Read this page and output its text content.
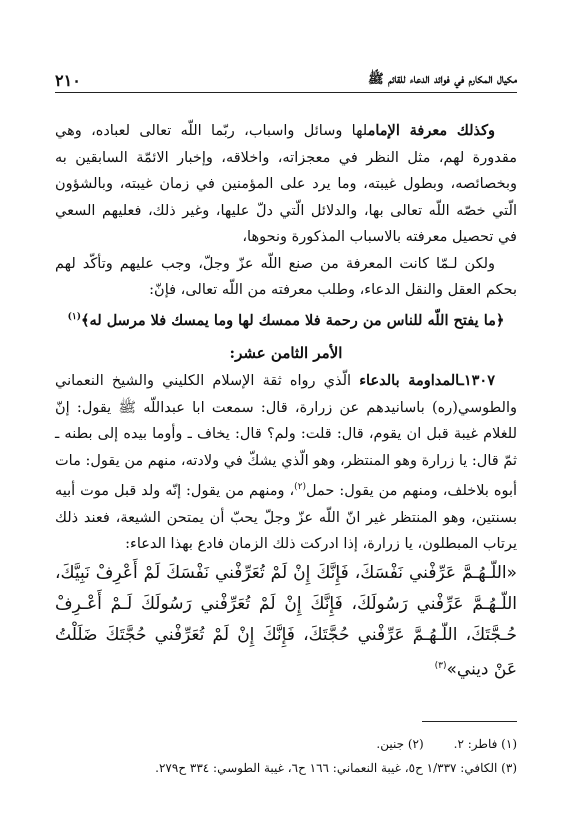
مكيال المكارم في فوائد الدعاء للقائم ﷺ
٢١٠

وكذلك معرفة الإماملها وسائل واسباب، ربّما اللّه تعالى لعباده، وهي مقدورة لهم، مثل النظر في معجزاته، واخلاقه، وإخبار الائمّة السابقين به وبخصائصه، وبطول غيبته، وما يرد على المؤمنين في زمان غيبته، وبالشؤون الّتي خصّه اللّه تعالى بها، والدلائل الّتي دلّ عليها، وغير ذلك، فعليهم السعي في تحصيل معرفته بالاسباب المذكورة ونحوها،

ولكن لـمّا كانت المعرفة من صنع اللّه عزّ وجلّ، وجب عليهم وتأكّد لهم بحكم العقل والنقل الدعاء، وطلب معرفته من اللّه تعالى، فإنّ:

﴿ما يفتح اللّه للناس من رحمة فلا ممسك لها وما يمسك فلا مرسل له﴾$^{(١)}$

الأمر الثامن عشر:

١٣٠٧ـالمداومة بالدعاء الّذي رواه ثقة الإسلام الكليني والشيخ النعماني والطوسي(ره) باسانيدهم عن زرارة، قال: سمعت ابا عبداللّه ﷺ يقول: إنّ للغلام غيبة قبل ان يقوم، قال: قلت: ولم؟ قال: يخاف ـ وأوما بيده إلى بطنه ـ ثمّ قال: يا زرارة وهو المنتظر، وهو الّذي يشكّ في ولادته، منهم من يقول: مات أبوه بلاخلف، ومنهم من يقول: حمل$^{(٢)}$، ومنهم من يقول: إنّه ولد قبل موت أبيه بسنتين، وهو المنتظر غير انّ اللّه عزّ وجلّ يحبّ أن يمتحن الشيعة، فعند ذلك يرتاب المبطلون، يا زرارة، إذا ادركت ذلك الزمان فادع بهذا الدعاء:

«اللّـهُـمَّ عَرِّفْني نَفْسَكَ، فَإِنَّكَ إِنْ لَمْ تُعَرِّفْني نَفْسَكَ لَمْ أَعْرِفْ نَبِيَّكَ، اللّـهُـمَّ عَرِّفْني رَسُولَكَ، فَإِنَّكَ إِنْ لَمْ تُعَرِّفْني رَسُولَكَ لَـمْ أَعْـرِفْ حُـجَّتَكَ، اللّـهُـمَّ عَرِّفْني حُجَّتَكَ، فَإِنَّكَ إِنْ لَمْ تُعَرِّفْني حُجَّتَكَ ضَلَلْتُ عَنْ ديني»$^{(٣)}$

(١) فاطر: ٢.
(٢) جنين.
(٣) الكافي: ١/٣٣٧ ح٥، غيبة النعماني: ١٦٦ ح٦، غيبة الطوسي: ٣٣٤ ح٢٧٩.
